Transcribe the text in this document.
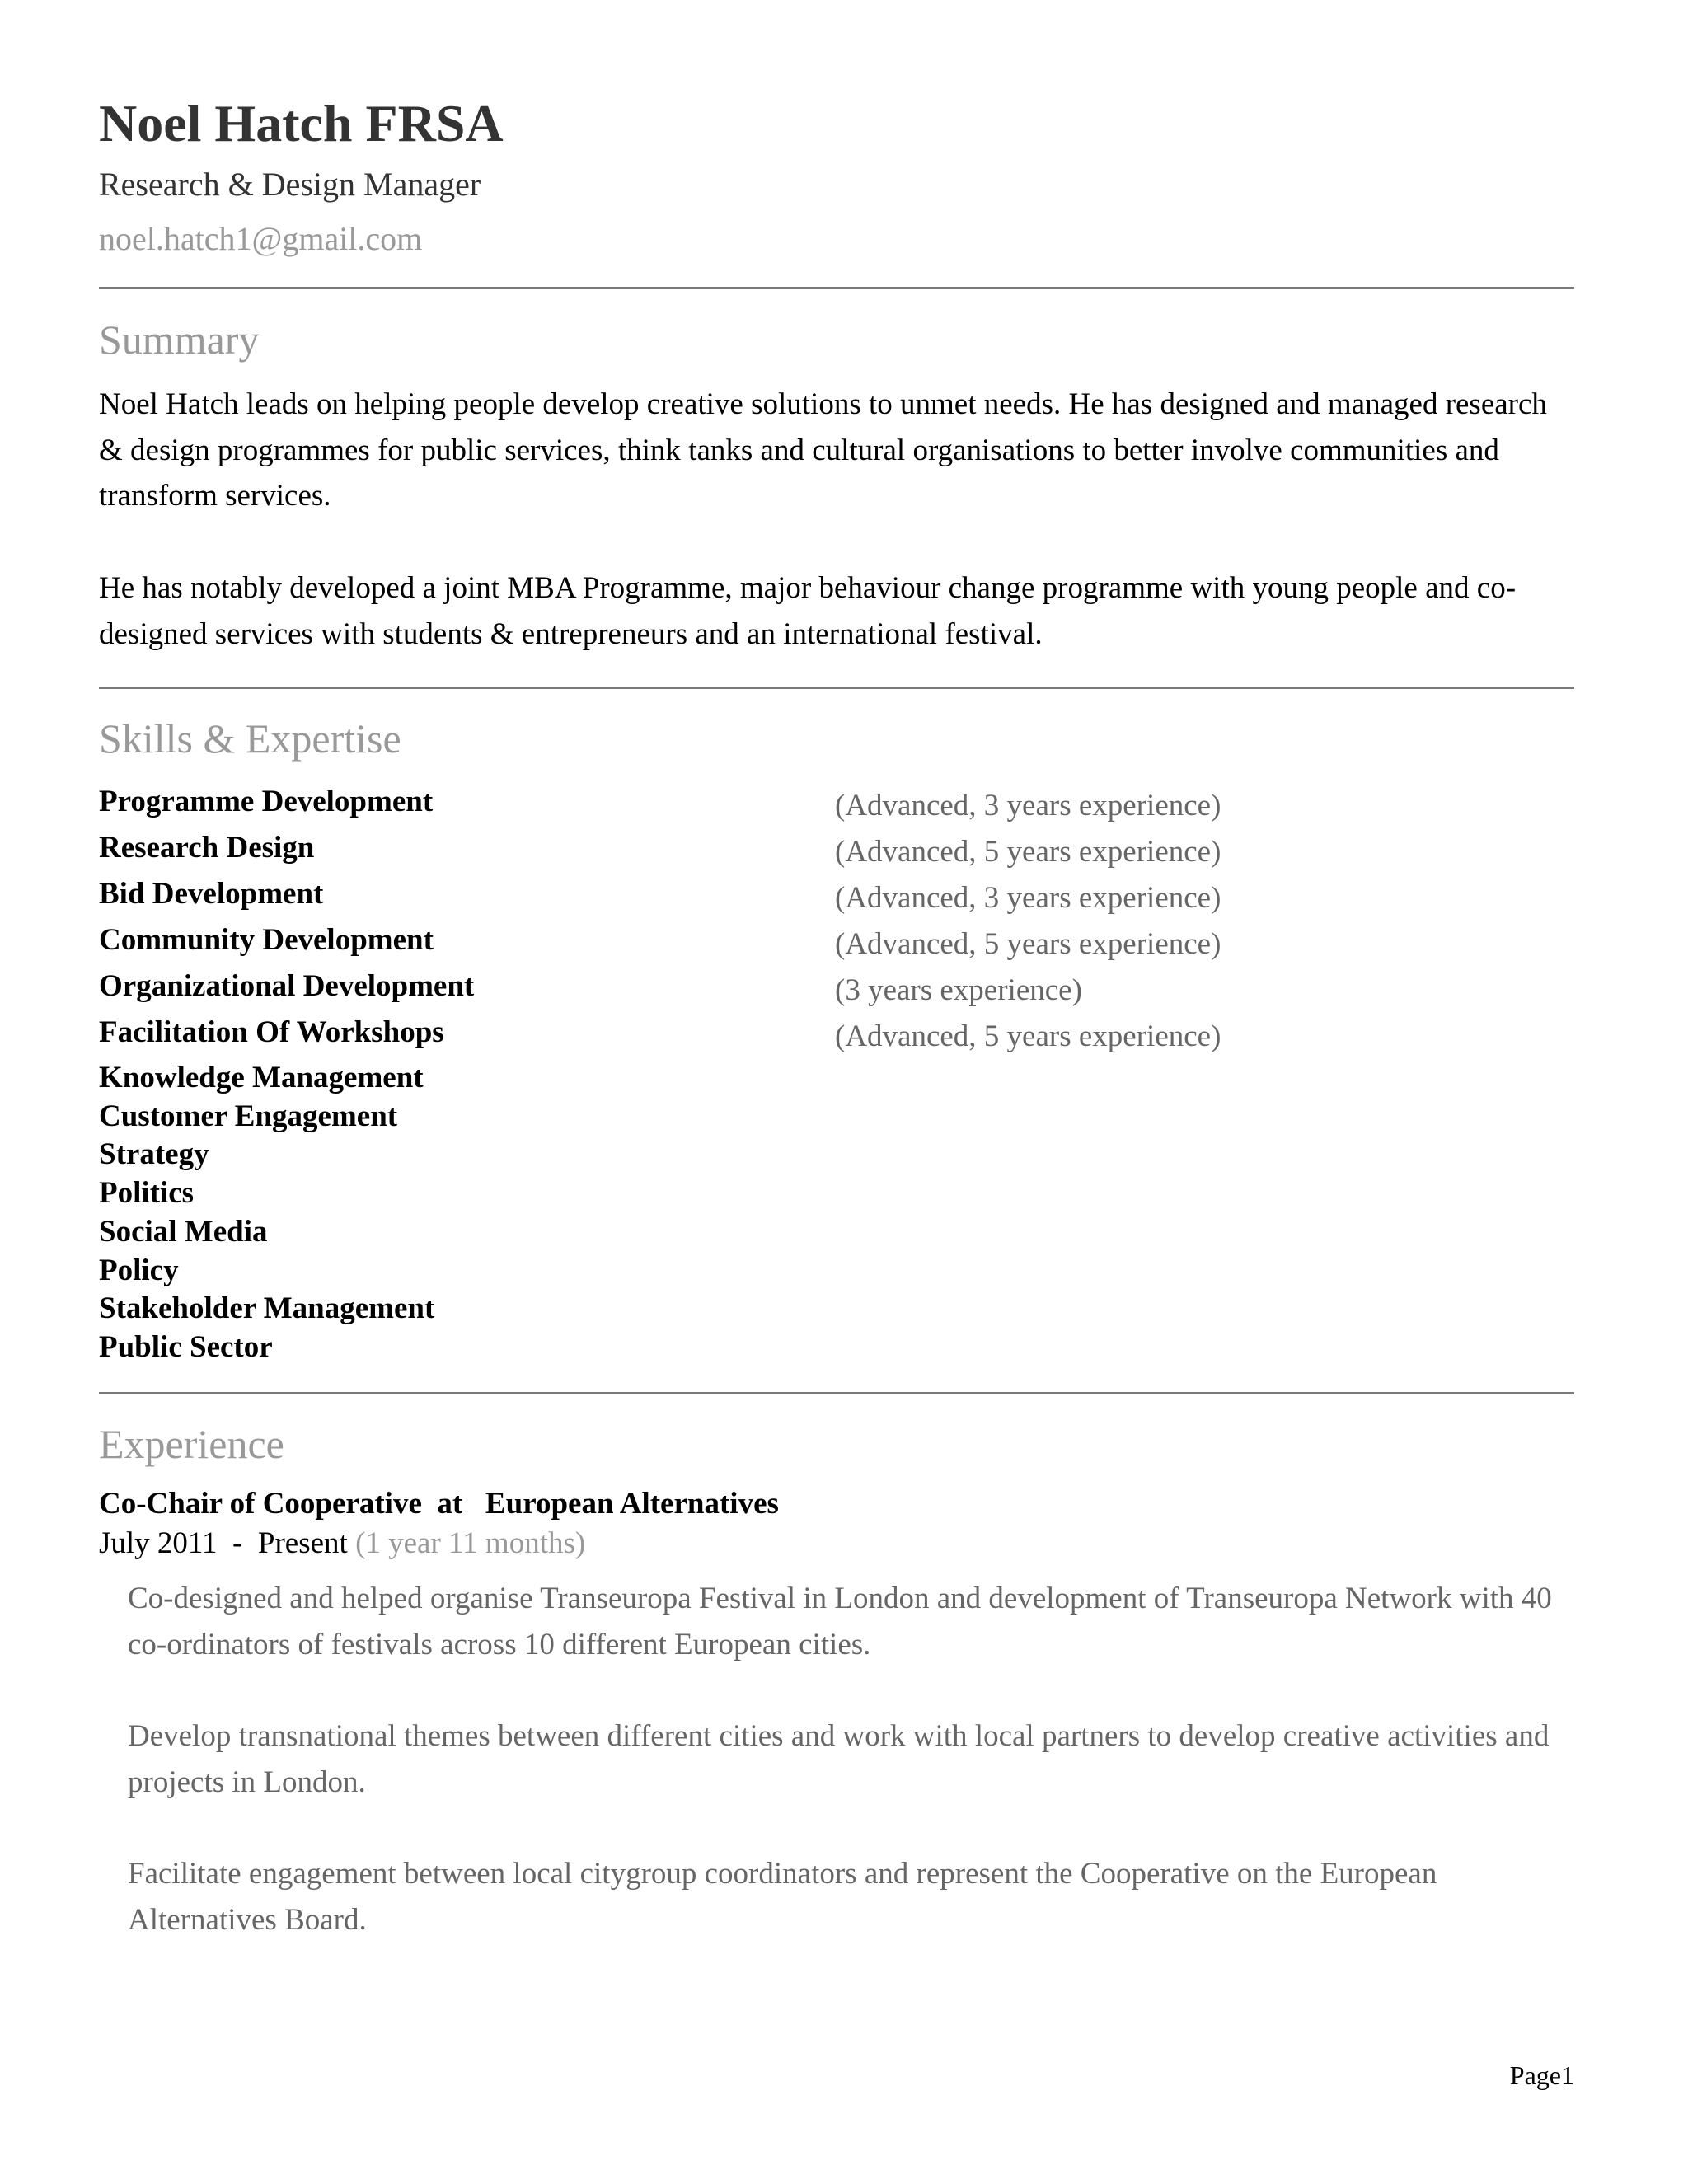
Noel Hatch FRSA
Research & Design Manager
noel.hatch1@gmail.com
Summary
Noel Hatch leads on helping people develop creative solutions to unmet needs. He has designed and managed research & design programmes for public services, think tanks and cultural organisations to better involve communities and transform services.
He has notably developed a joint MBA Programme, major behaviour change programme with young people and co-designed services with students & entrepreneurs and an international festival.
Skills & Expertise
Programme Development	(Advanced, 3 years experience)
Research Design	(Advanced, 5 years experience)
Bid Development	(Advanced, 3 years experience)
Community Development	(Advanced, 5 years experience)
Organizational Development	(3 years experience)
Facilitation Of Workshops	(Advanced, 5 years experience)
Knowledge Management
Customer Engagement
Strategy
Politics
Social Media
Policy
Stakeholder Management
Public Sector
Experience
Co-Chair of Cooperative  at   European Alternatives
July 2011  -  Present (1 year 11 months)
Co-designed and helped organise Transeuropa Festival in London and development of Transeuropa Network with 40 co-ordinators of festivals across 10 different European cities.
Develop transnational themes between different cities and work with local partners to develop creative activities and projects in London.
Facilitate engagement between local citygroup coordinators and represent the Cooperative on the European Alternatives Board.
Page1
